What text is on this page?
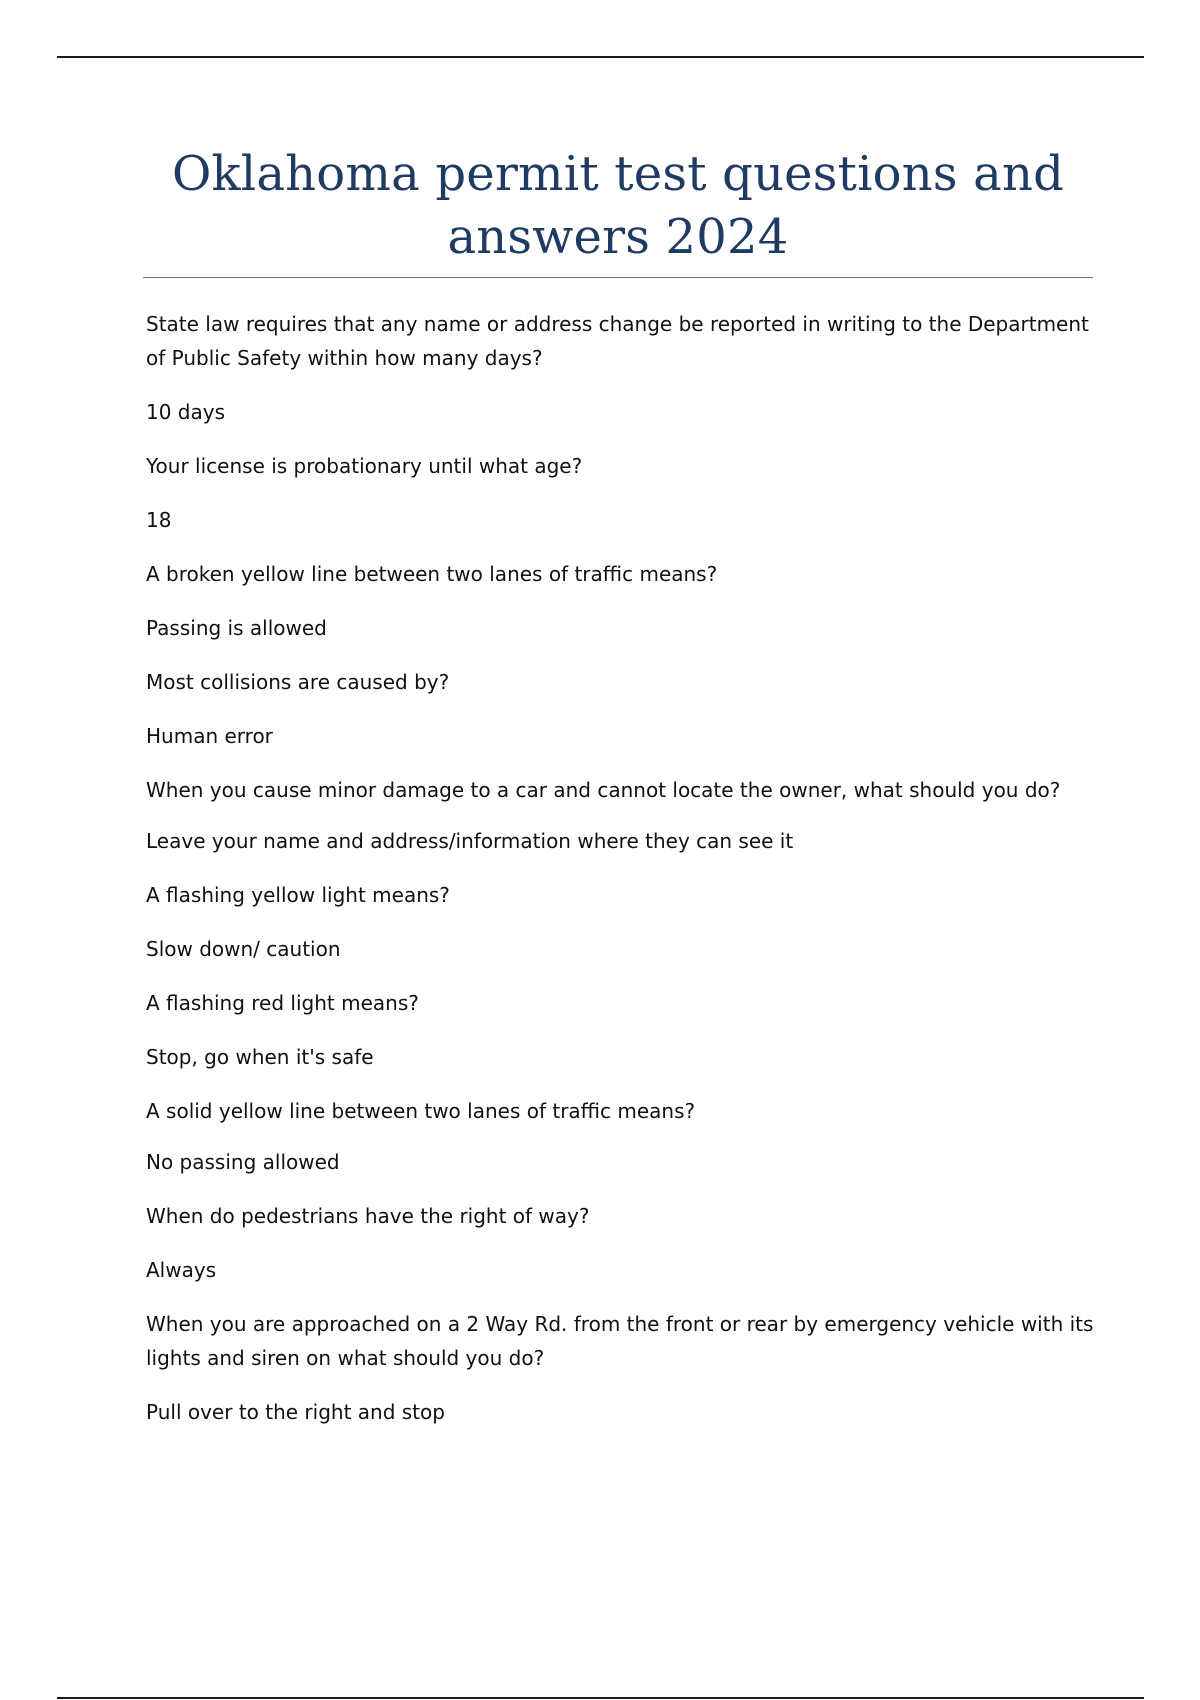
Oklahoma permit test questions and answers 2024

State law requires that any name or address change be reported in writing to the Department of Public Safety within how many days?

10 days

Your license is probationary until what age?

18

A broken yellow line between two lanes of traffic means?

Passing is allowed

Most collisions are caused by?

Human error

When you cause minor damage to a car and cannot locate the owner, what should you do?

Leave your name and address/information where they can see it

A flashing yellow light means?

Slow down/ caution

A flashing red light means?

Stop, go when it's safe

A solid yellow line between two lanes of traffic means?

No passing allowed

When do pedestrians have the right of way?

Always

When you are approached on a 2 Way Rd. from the front or rear by emergency vehicle with its lights and siren on what should you do?

Pull over to the right and stop
